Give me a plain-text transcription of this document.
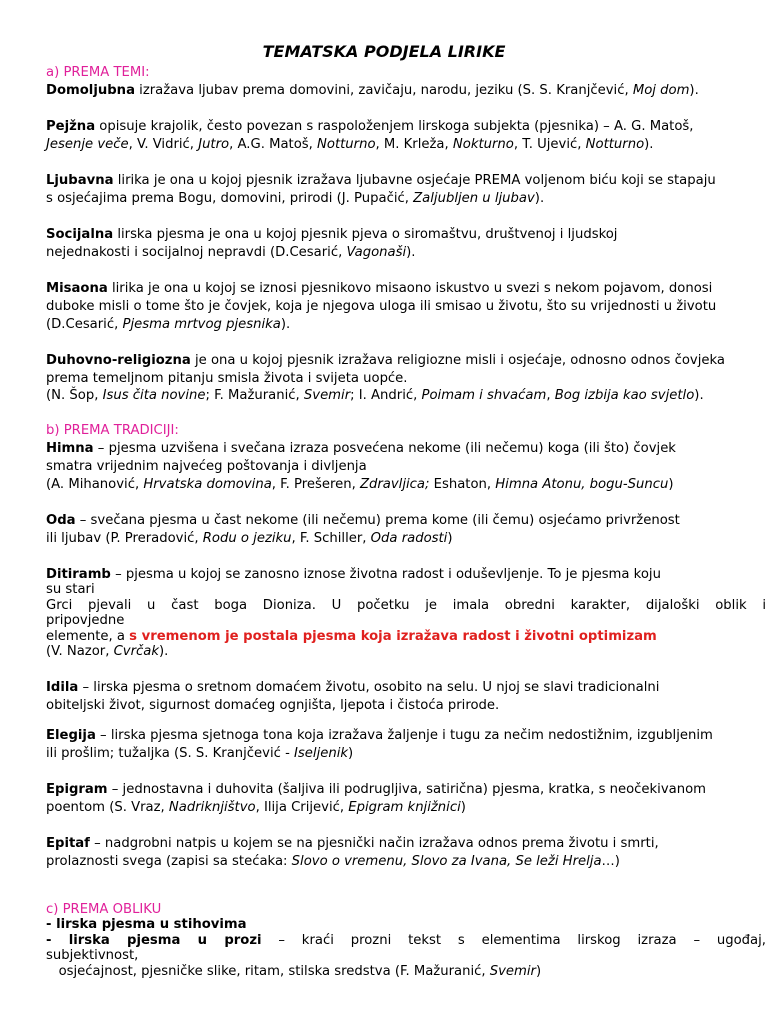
TEMATSKA PODJELA LIRIKE
a) PREMA TEMI:
Domoljubna izražava ljubav prema domovini, zavičaju, narodu, jeziku (S. S. Kranjčević, Moj dom).
Pejžna opisuje krajolik, često povezan s raspoloženjem lirskoga subjekta (pjesnika) – A. G. Matoš,
Jesenje veče, V. Vidrić, Jutro, A.G. Matoš, Notturno, M. Krleža, Nokturno, T. Ujević, Notturno).
Ljubavna lirika je ona u kojoj pjesnik izražava ljubavne osjećaje PREMA voljenom biću koji se stapaju
s osjećajima prema Bogu, domovini, prirodi (J. Pupačić, Zaljubljen u ljubav).
Socijalna lirska pjesma je ona u kojoj pjesnik pjeva o siromaštvu, društvenoj i ljudskoj
nejednakosti i socijalnoj nepravdi (D.Cesarić, Vagonaši).
Misaona lirika je ona u kojoj se iznosi pjesnikovo misaono iskustvo u svezi s nekom pojavom, donosi
duboke misli o tome što je čovjek, koja je njegova uloga ili smisao u životu, što su vrijednosti u životu
(D.Cesarić, Pjesma mrtvog pjesnika).
Duhovno-religiozna je ona u kojoj pjesnik izražava religiozne misli i osjećaje, odnosno odnos čovjeka
prema temeljnom pitanju smisla života i svijeta uopće.
(N. Šop, Isus čita novine; F. Mažuranić, Svemir; I. Andrić, Poimam i shvaćam, Bog izbija kao svjetlo).
b) PREMA TRADICIJI:
Himna – pjesma uzvišena i svečana izraza posvećena nekome (ili nečemu) koga (ili što) čovjek
smatra vrijednim najvećeg poštovanja i divljenja
(A. Mihanović, Hrvatska domovina, F. Prešeren, Zdravljica; Eshaton, Himna Atonu, bogu-Suncu)
Oda – svečana pjesma u čast nekome (ili nečemu) prema kome (ili čemu) osjećamo privrženost
ili ljubav (P. Preradović, Rodu o jeziku, F. Schiller, Oda radosti)
Ditiramb – pjesma u kojoj se zanosno iznose životna radost i oduševljenje. To je pjesma koju
su stari
Grci pjevali u čast boga Dioniza. U početku je imala obredni karakter, dijaloški oblik i
pripovjedne
elemente, a s vremenom je postala pjesma koja izražava radost i životni optimizam
(V. Nazor, Cvrčak).
Idila – lirska pjesma o sretnom domaćem životu, osobito na selu. U njoj se slavi tradicionalni
obiteljski život, sigurnost domaćeg ognjišta, ljepota i čistoća prirode.
Elegija – lirska pjesma sjetnoga tona koja izražava žaljenje i tugu za nečim nedostižnim, izgubljenim
ili prošlim; tužaljka (S. S. Kranjčević - Iseljenik)
Epigram – jednostavna i duhovita (šaljiva ili podrugljiva, satirična) pjesma, kratka, s neočekivanom
poentom (S. Vraz, Nadriknjištvo, Ilija Crijević, Epigram knjižnici)
Epitaf – nadgrobni natpis u kojem se na pjesnički način izražava odnos prema životu i smrti,
prolaznosti svega (zapisi sa stećaka: Slovo o vremenu, Slovo za Ivana, Se leži Hrelja…)
c) PREMA OBLIKU
- lirska pjesma u stihovima
- lirska pjesma u prozi – kraći prozni tekst s elementima lirskog izraza – ugođaj,
subjektivnost,
osjećajnost, pjesničke slike, ritam, stilska sredstva (F. Mažuranić, Svemir)
